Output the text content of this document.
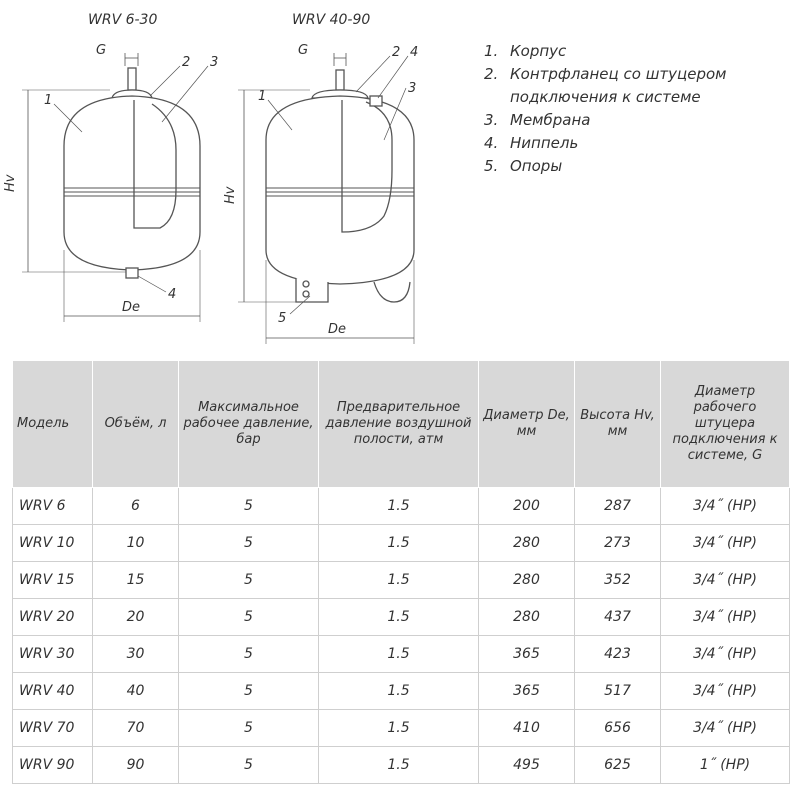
WRV 6-30
G
Hv
De
1
2 3
4
WRV 40-90
G
Hv
De
1
2 4
3
5
1. Корпус
2. Контрфланец со штуцером
подключения к системе
3. Мембрана
4. Ниппель
5. Опоры
Модель	Объём, л	Максимальное рабочее давление, бар	Предварительное давление воздушной полости, атм	Диаметр De, мм	Высота Hv, мм	Диаметр рабочего штуцера подключения к системе, G
WRV 6	6	5	1.5	200	287	3/4˝ (НР)
WRV 10	10	5	1.5	280	273	3/4˝ (НР)
WRV 15	15	5	1.5	280	352	3/4˝ (НР)
WRV 20	20	5	1.5	280	437	3/4˝ (НР)
WRV 30	30	5	1.5	365	423	3/4˝ (НР)
WRV 40	40	5	1.5	365	517	3/4˝ (НР)
WRV 70	70	5	1.5	410	656	3/4˝ (НР)
WRV 90	90	5	1.5	495	625	1˝ (НР)
